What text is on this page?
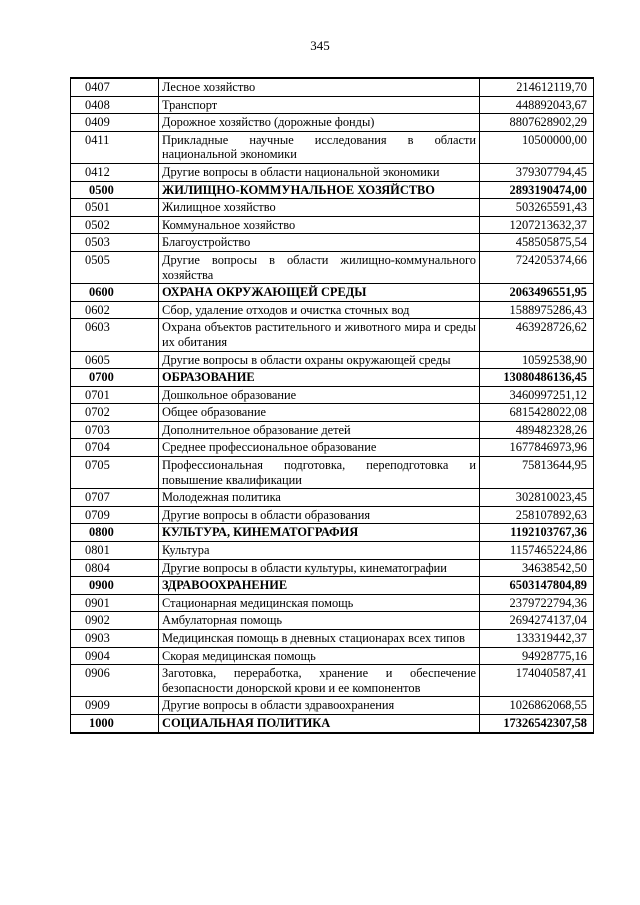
345
0407	Лесное хозяйство	214612119,70
0408	Транспорт	448892043,67
0409	Дорожное хозяйство (дорожные фонды)	8807628902,29
0411	Прикладные научные исследования в области национальной экономики	10500000,00
0412	Другие вопросы в области национальной экономики	379307794,45
0500	ЖИЛИЩНО-КОММУНАЛЬНОЕ ХОЗЯЙСТВО	2893190474,00
0501	Жилищное хозяйство	503265591,43
0502	Коммунальное хозяйство	1207213632,37
0503	Благоустройство	458505875,54
0505	Другие вопросы в области жилищно-коммунального хозяйства	724205374,66
0600	ОХРАНА ОКРУЖАЮЩЕЙ СРЕДЫ	2063496551,95
0602	Сбор, удаление отходов и очистка сточных вод	1588975286,43
0603	Охрана объектов растительного и животного мира и среды их обитания	463928726,62
0605	Другие вопросы в области охраны окружающей среды	10592538,90
0700	ОБРАЗОВАНИЕ	13080486136,45
0701	Дошкольное образование	3460997251,12
0702	Общее образование	6815428022,08
0703	Дополнительное образование детей	489482328,26
0704	Среднее профессиональное образование	1677846973,96
0705	Профессиональная подготовка, переподготовка и повышение квалификации	75813644,95
0707	Молодежная политика	302810023,45
0709	Другие вопросы в области образования	258107892,63
0800	КУЛЬТУРА, КИНЕМАТОГРАФИЯ	1192103767,36
0801	Культура	1157465224,86
0804	Другие вопросы в области культуры, кинематографии	34638542,50
0900	ЗДРАВООХРАНЕНИЕ	6503147804,89
0901	Стационарная медицинская помощь	2379722794,36
0902	Амбулаторная помощь	2694274137,04
0903	Медицинская помощь в дневных стационарах всех типов	133319442,37
0904	Скорая медицинская помощь	94928775,16
0906	Заготовка, переработка, хранение и обеспечение безопасности донорской крови и ее компонентов	174040587,41
0909	Другие вопросы в области здравоохранения	1026862068,55
1000	СОЦИАЛЬНАЯ ПОЛИТИКА	17326542307,58
